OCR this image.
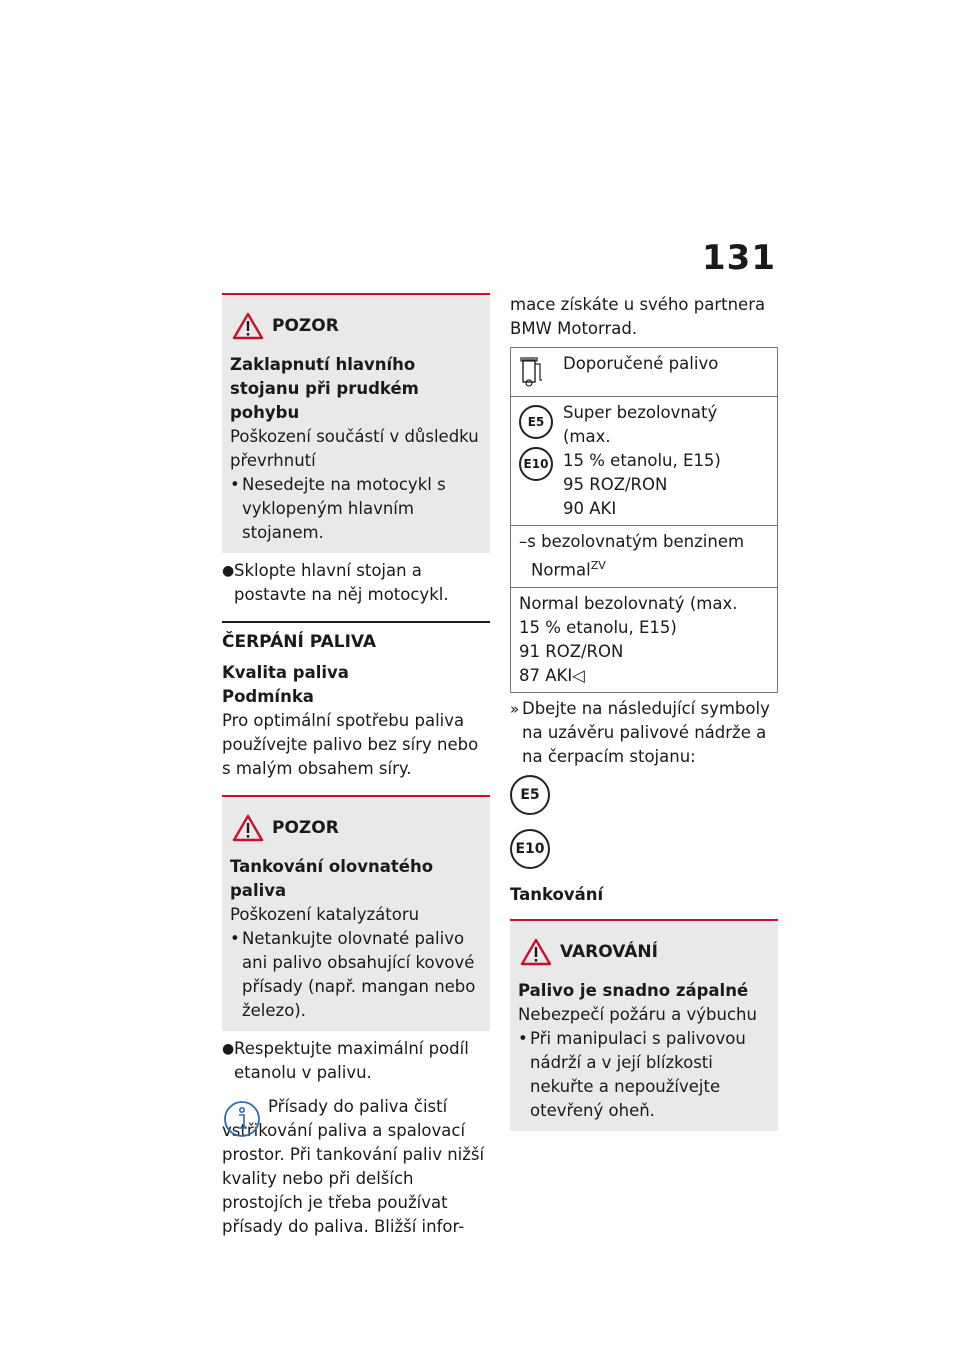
131
POZOR

Zaklapnutí hlavního stojanu při prudkém pohybu

Poškození součástí v důsledku převrhnutí

• Nesedejte na motocykl s vyklopeným hlavním stojanem.
● Sklopte hlavní stojan a postavte na něj motocykl.

ČERPÁNÍ PALIVA

Kvalita paliva

Podmínka

Pro optimální spotřebu paliva používejte palivo bez síry nebo s malým obsahem síry.

POZOR

Tankování olovnatého paliva

Poškození katalyzátoru

• Netankujte olovnaté palivo ani palivo obsahující kovové přísady (např. mangan nebo železo).
● Respektujte maximální podíl etanolu v palivu.

Přísady do paliva čistí vstřikování paliva a spalovací prostor. Při tankování paliv nižší kvality nebo při delších prostojích je třeba používat přísady do paliva. Bližší infor-

mace získáte u svého partnera BMW Motorrad.

Doporučené palivo
E5
E10
Super bezolovnatý (max.
15 % etanolu, E15)
95 ROZ/RON
90 AKI
–s bezolovnatým benzinem
Normal$^{ZV}$
Normal bezolovnatý (max.
15 % etanolu, E15)
91 ROZ/RON
87 AKI◁
» Dbejte na následující symboly na uzávěru palivové nádrže a na čerpacím stojanu:
E5
E10

Tankování

VAROVÁNÍ

Palivo je snadno zápalné

Nebezpečí požáru a výbuchu

• Při manipulaci s palivovou nádrží a v její blízkosti nekuřte a nepoužívejte otevřený oheň.
